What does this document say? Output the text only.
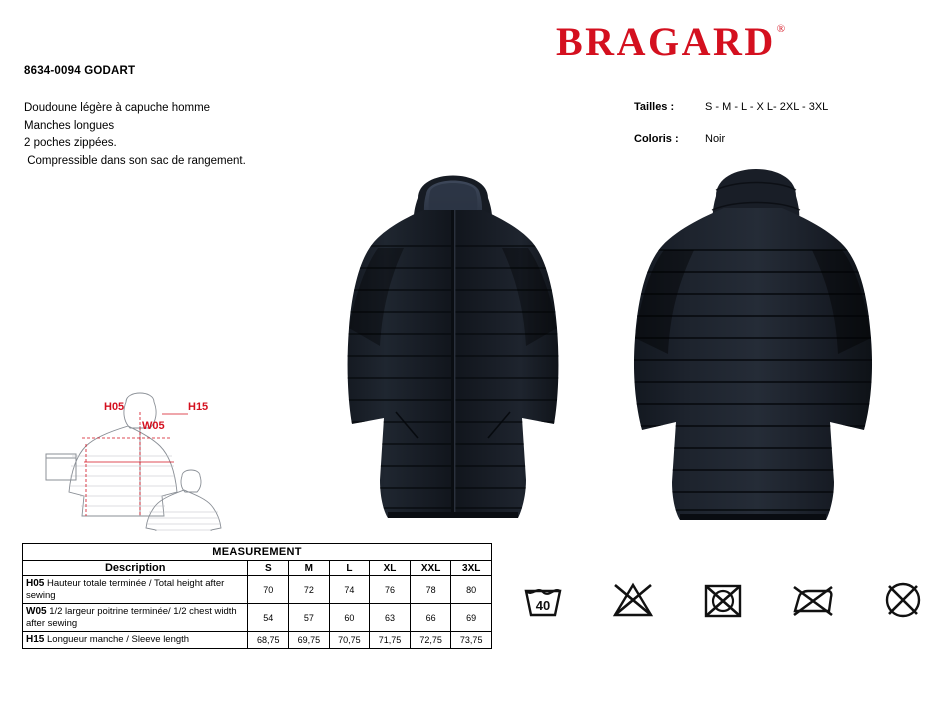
BRAGARD ®
8634-0094 GODART
Doudoune légère à capuche homme
Manches longues
2 poches zippées.
Compressible dans son sac de rangement.
Tailles :	S - M - L - X L- 2XL - 3XL
Coloris :	Noir
H05	H15
W05
MEASUREMENT						
Description	S	M	L	XL	XXL	3XL
H05 Hauteur totale terminée / Total height after sewing	70	72	74	76	78	80
W05 1/2 largeur poitrine terminée/ 1/2 chest width after sewing	54	57	60	63	66	69
H15 Longueur manche / Sleeve length	68,75	69,75	70,75	71,75	72,75	73,75
40
